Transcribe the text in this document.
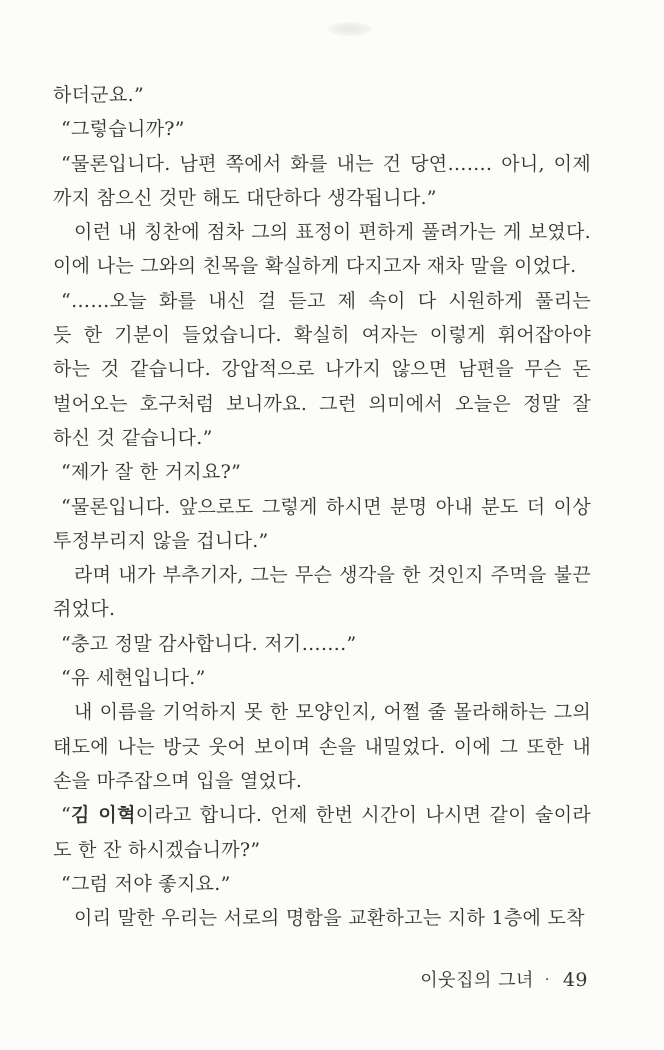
하더군요.”
“그렇습니까?”
“물론입니다. 남편 쪽에서 화를 내는 건 당연……. 아니, 이제
까지 참으신 것만 해도 대단하다 생각됩니다.”
이런 내 칭찬에 점차 그의 표정이 편하게 풀려가는 게 보였다.
이에 나는 그와의 친목을 확실하게 다지고자 재차 말을 이었다.
“……오늘 화를 내신 걸 듣고 제 속이 다 시원하게 풀리는
듯 한 기분이 들었습니다. 확실히 여자는 이렇게 휘어잡아야
하는 것 같습니다. 강압적으로 나가지 않으면 남편을 무슨 돈
벌어오는 호구처럼 보니까요. 그런 의미에서 오늘은 정말 잘
하신 것 같습니다.”
“제가 잘 한 거지요?”
“물론입니다. 앞으로도 그렇게 하시면 분명 아내 분도 더 이상
투정부리지 않을 겁니다.”
라며 내가 부추기자, 그는 무슨 생각을 한 것인지 주먹을 불끈
쥐었다.
“충고 정말 감사합니다. 저기…….”
“유 세현입니다.”
내 이름을 기억하지 못 한 모양인지, 어쩔 줄 몰라해하는 그의
태도에 나는 방긋 웃어 보이며 손을 내밀었다. 이에 그 또한 내
손을 마주잡으며 입을 열었다.
“김 이혁이라고 합니다. 언제 한번 시간이 나시면 같이 술이라
도 한 잔 하시겠습니까?”
“그럼 저야 좋지요.”
이리 말한 우리는 서로의 명함을 교환하고는 지하 1층에 도착
이웃집의 그녀 · 49
